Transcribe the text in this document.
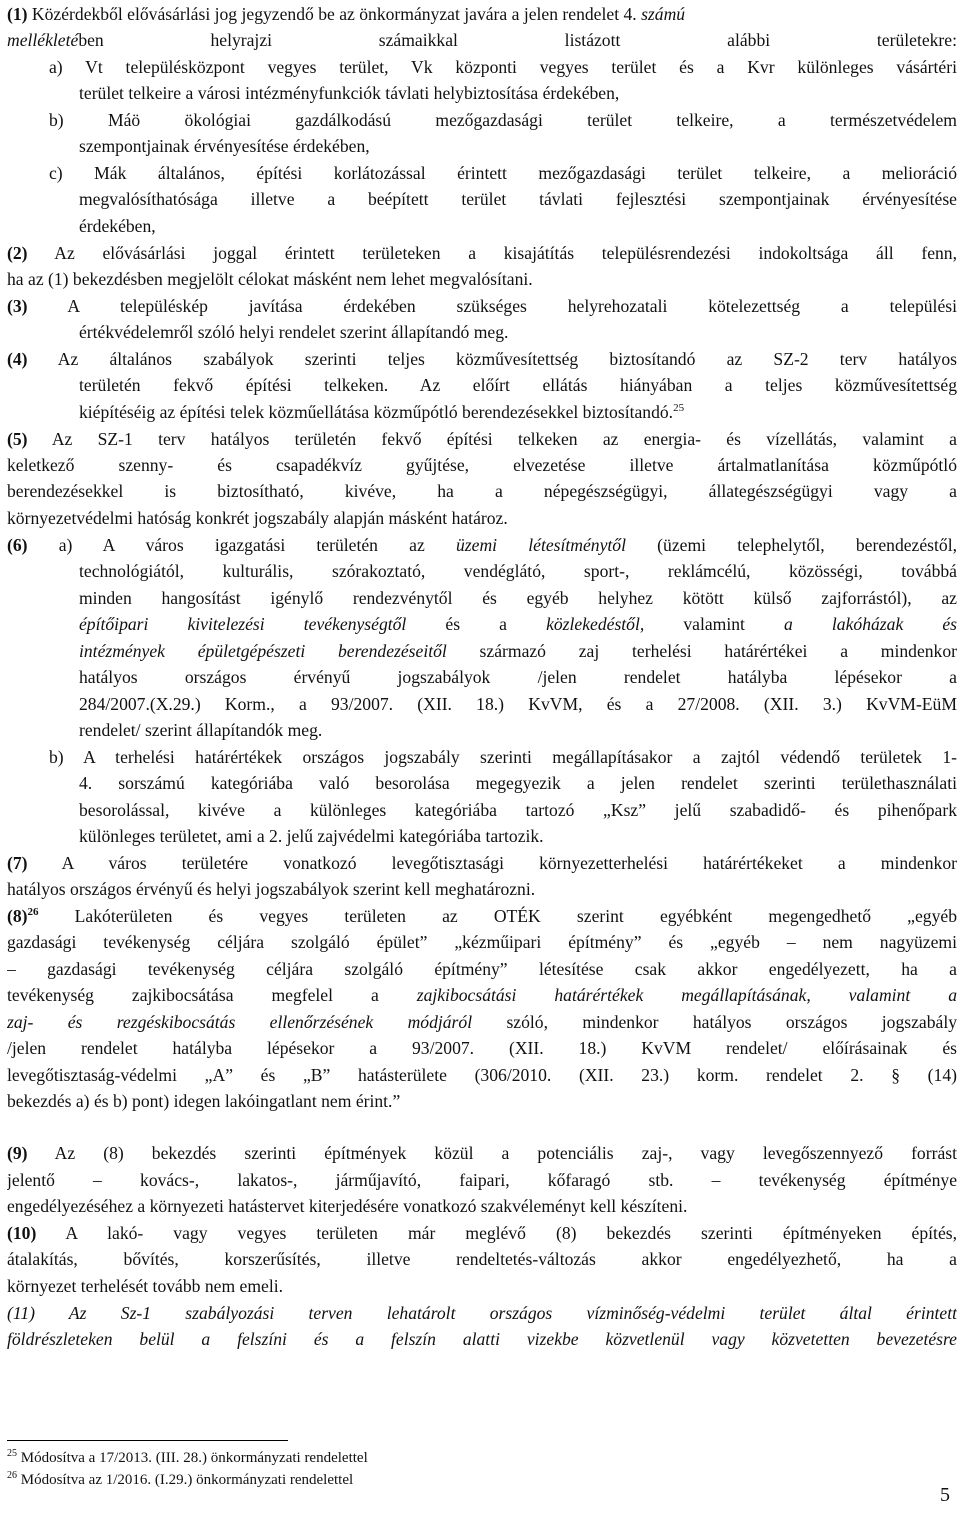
(1) Közérdekből elővásárlási jog jegyzendő be az önkormányzat javára a jelen rendelet 4. számú
mellékletében helyrajzi számaikkal listázott alábbi területekre:
a) Vt településközpont vegyes terület, Vk központi vegyes terület és a Kvr különleges vásártéri
terület telkeire a városi intézményfunkciók távlati helybiztosítása érdekében,
b) Máö ökológiai gazdálkodású mezőgazdasági terület telkeire, a természetvédelem
szempontjainak érvényesítése érdekében,
c) Mák általános, építési korlátozással érintett mezőgazdasági terület telkeire, a melioráció
megvalósíthatósága illetve a beépített terület távlati fejlesztési szempontjainak érvényesítése
érdekében,
(2) Az elővásárlási joggal érintett területeken a kisajátítás településrendezési indokoltsága áll fenn,
ha az (1) bekezdésben megjelölt célokat másként nem lehet megvalósítani.
(3) A településkép javítása érdekében szükséges helyrehozatali kötelezettség a települési
értékvédelemről szóló helyi rendelet szerint állapítandó meg.
(4) Az általános szabályok szerinti teljes közművesítettség biztosítandó az SZ-2 terv hatályos
területén fekvő építési telkeken. Az előírt ellátás hiányában a teljes közművesítettség
kiépítéséig az építési telek közműellátása közműpótló berendezésekkel biztosítandó.$^{25}$
(5) Az SZ-1 terv hatályos területén fekvő építési telkeken az energia- és vízellátás, valamint a
keletkező szenny- és csapadékvíz gyűjtése, elvezetése illetve ártalmatlanítása közműpótló
berendezésekkel is biztosítható, kivéve, ha a népegészségügyi, állategészségügyi vagy a
környezetvédelmi hatóság konkrét jogszabály alapján másként határoz.
(6) a) A város igazgatási területén az üzemi létesítménytől (üzemi telephelytől, berendezéstől,
technológiától, kulturális, szórakoztató, vendéglátó, sport-, reklámcélú, közösségi, továbbá
minden hangosítást igénylő rendezvénytől és egyéb helyhez kötött külső zajforrástól), az
építőipari kivitelezési tevékenységtől és a közlekedéstől, valamint a lakóházak és
intézmények épületgépészeti berendezéseitől származó zaj terhelési határértékei a mindenkor
hatályos országos érvényű jogszabályok /jelen rendelet hatályba lépésekor a
284/2007.(X.29.) Korm., a 93/2007. (XII. 18.) KvVM, és a 27/2008. (XII. 3.) KvVM-EüM
rendelet/ szerint állapítandók meg.
b) A terhelési határértékek országos jogszabály szerinti megállapításakor a zajtól védendő területek 1-
4. sorszámú kategóriába való besorolása megegyezik a jelen rendelet szerinti területhasználati
besorolással, kivéve a különleges kategóriába tartozó „Ksz” jelű szabadidő- és pihenőpark
különleges területet, ami a 2. jelű zajvédelmi kategóriába tartozik.
(7) A város területére vonatkozó levegőtisztasági környezetterhelési határértékeket a mindenkor
hatályos országos érvényű és helyi jogszabályok szerint kell meghatározni.
$(8)^{26}$ Lakóterületen és vegyes területen az OTÉK szerint egyébként megengedhető „egyéb
gazdasági tevékenység céljára szolgáló épület” „kézműipari építmény” és „egyéb – nem nagyüzemi
– gazdasági tevékenység céljára szolgáló építmény” létesítése csak akkor engedélyezett, ha a
tevékenység zajkibocsátása megfelel a zajkibocsátási határértékek megállapításának, valamint a
zaj- és rezgéskibocsátás ellenőrzésének módjáról szóló, mindenkor hatályos országos jogszabály
/jelen rendelet hatályba lépésekor a 93/2007. (XII. 18.) KvVM rendelet/ előírásainak és
levegőtisztaság-védelmi „A” és „B” hatásterülete (306/2010. (XII. 23.) korm. rendelet 2. § (14)
bekezdés a) és b) pont) idegen lakóingatlant nem érint.”
(9) Az (8) bekezdés szerinti építmények közül a potenciális zaj-, vagy levegőszennyező forrást
jelentő – kovács-, lakatos-, járműjavító, faipari, kőfaragó stb. – tevékenység építménye
engedélyezéséhez a környezeti hatástervet kiterjedésére vonatkozó szakvéleményt kell készíteni.
(10) A lakó- vagy vegyes területen már meglévő (8) bekezdés szerinti építményeken építés,
átalakítás, bővítés, korszerűsítés, illetve rendeltetés-változás akkor engedélyezhető, ha a
környezet terhelését tovább nem emeli.
(11) Az Sz-1 szabályozási terven lehatárolt országos vízminőség-védelmi terület által érintett
földrészleteken belül a felszíni és a felszín alatti vizekbe közvetlenül vagy közvetetten bevezetésre
$^{25}$ Módosítva a 17/2013. (III. 28.) önkormányzati rendelettel
$^{26}$ Módosítva az 1/2016. (I.29.) önkormányzati rendelettel
5
